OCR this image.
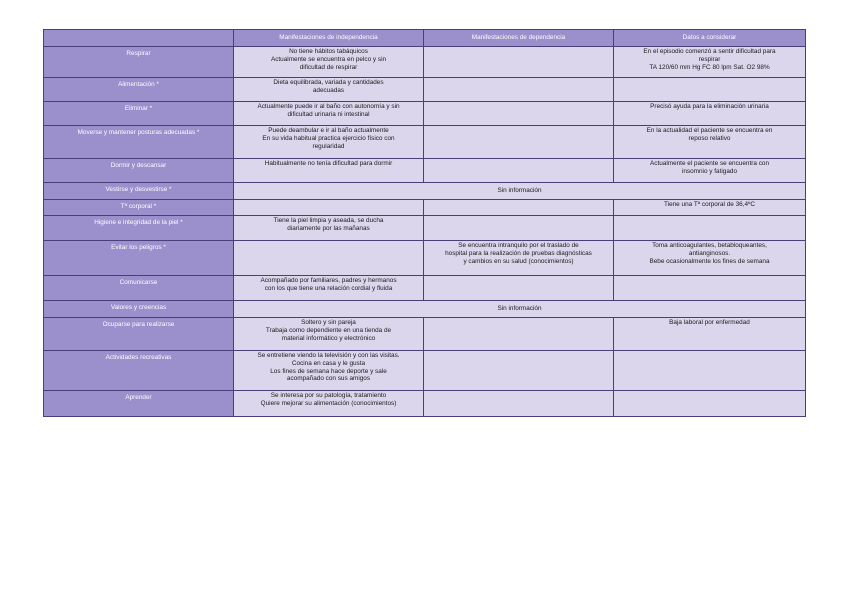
	Manifestaciones de independencia	Manifestaciones de dependencia	Datos a considerar
Respirar	No tiene hábitos tabáquicos
Actualmente se encuentra en pelco y sin
dificultad de respirar		En el episodio comenzó a sentir dificultad para
respirar
TA 120/60 mm Hg FC 80 lpm Sat. O2 98%

Alimentación *	Dieta equilibrada, variada y cantidades
adecuadas		

Eliminar *	Actualmente puede ir al baño con autonomía y sin
dificultad urinaria ni intestinal		Precisó ayuda para la eliminación urinaria

Moverse y mantener posturas adecuadas *	Puede deambular e ir al baño actualmente
En su vida habitual practica ejercicio físico con
regularidad		En la actualidad el paciente se encuentra en
reposo relativo

Dormir y descansar	Habitualmente no tenía dificultad para dormir		Actualmente el paciente se encuentra con
insomnio y fatigado

Vestirse y desvestirse *	Sin información		
Tª corporal *			Tiene una Tª corporal de 36,4ºC

Higiene e integridad de la piel *	Tiene la piel limpia y aseada, se ducha
diariamente por las mañanas		

Evitar los peligros *		Se encuentra intranquilo por el traslado de
hospital para la realización de pruebas diagnósticas
y cambios en su salud (conocimientos)	Toma anticoagulantes, betabloqueantes,
antianginosos.
Bebe ocasionalmente los fines de semana

Comunicarse	Acompañado por familiares, padres y hermanos
con los que tiene una relación cordial y fluida		

Valores y creencias	Sin información		
Ocuparse para realizarse	Soltero y sin pareja
Trabaja como dependiente en una tienda de
material informático y electrónico		Baja laboral por enfermedad

Actividades recreativas	Se entretiene viendo la televisión y con las visitas.
Cocina en casa y le gusta
Los fines de semana hace deporte y sale
acompañado con sus amigos		

Aprender	Se interesa por su patología, tratamiento
Quiere mejorar su alimentación (conocimientos)		
